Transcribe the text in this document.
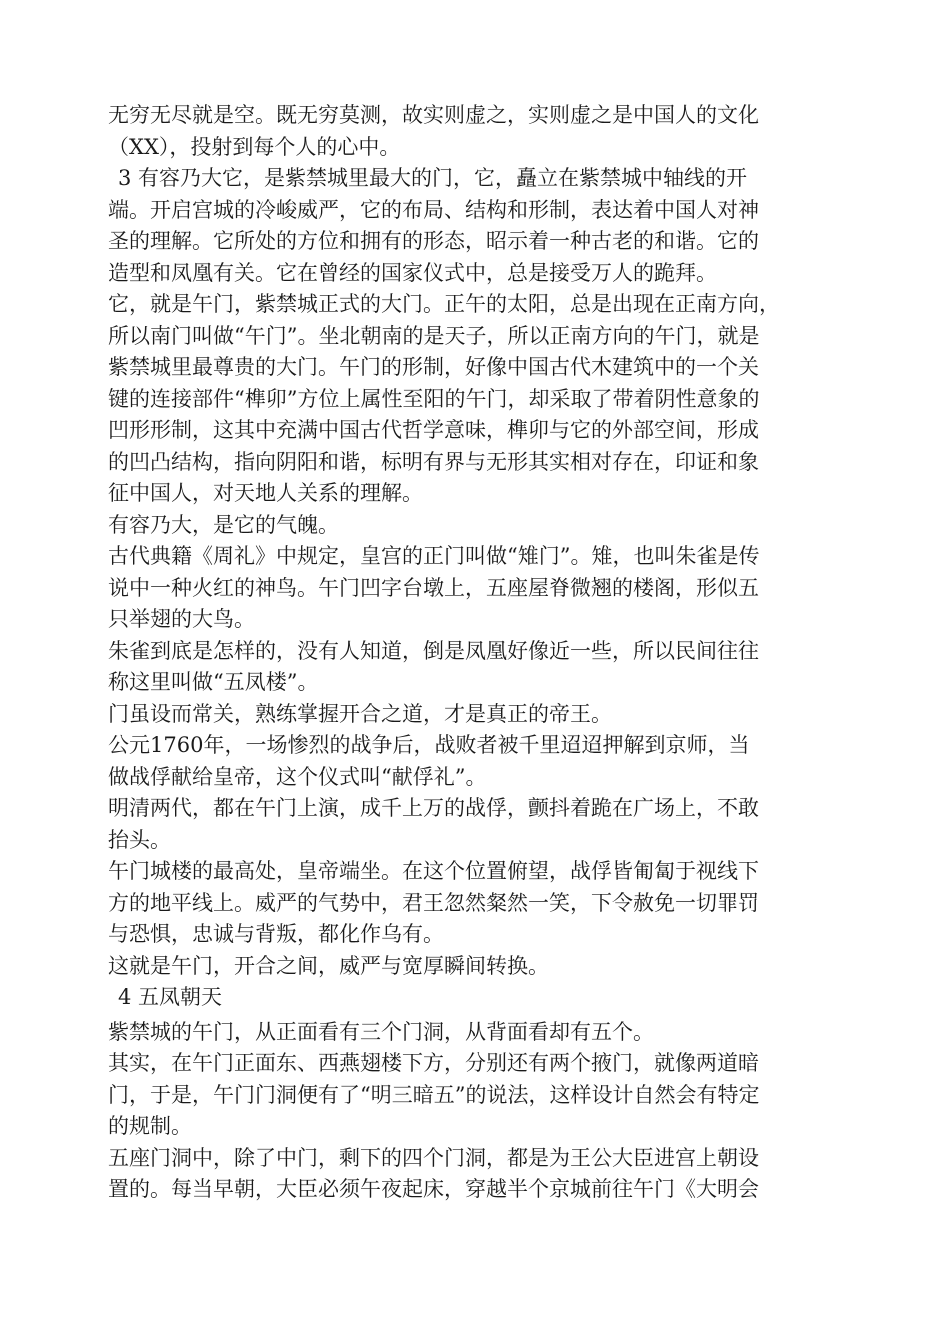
无穷无尽就是空。既无穷莫测，故实则虚之，实则虚之是中国人的文化
（XX），投射到每个人的心中。
3 有容乃大它，是紫禁城里最大的门，它，矗立在紫禁城中轴线的开
端。开启宫城的冷峻威严，它的布局、结构和形制，表达着中国人对神
圣的理解。它所处的方位和拥有的形态，昭示着一种古老的和谐。它的
造型和凤凰有关。它在曾经的国家仪式中，总是接受万人的跪拜。
它，就是午门，紫禁城正式的大门。正午的太阳，总是出现在正南方向，
所以南门叫做“午门”。坐北朝南的是天子，所以正南方向的午门，就是
紫禁城里最尊贵的大门。午门的形制，好像中国古代木建筑中的一个关
键的连接部件“榫卯”方位上属性至阳的午门，却采取了带着阴性意象的
凹形形制，这其中充满中国古代哲学意味，榫卯与它的外部空间，形成
的凹凸结构，指向阴阳和谐，标明有界与无形其实相对存在，印证和象
征中国人，对天地人关系的理解。
有容乃大，是它的气魄。
古代典籍《周礼》中规定，皇宫的正门叫做“雉门”。雉，也叫朱雀是传
说中一种火红的神鸟。午门凹字台墩上，五座屋脊微翘的楼阁，形似五
只举翅的大鸟。
朱雀到底是怎样的，没有人知道，倒是凤凰好像近一些，所以民间往往
称这里叫做“五凤楼”。
门虽设而常关，熟练掌握开合之道，才是真正的帝王。
公元1760年，一场惨烈的战争后，战败者被千里迢迢押解到京师，当
做战俘献给皇帝，这个仪式叫“献俘礼”。
明清两代，都在午门上演，成千上万的战俘，颤抖着跪在广场上，不敢
抬头。
午门城楼的最高处，皇帝端坐。在这个位置俯望，战俘皆匍匐于视线下
方的地平线上。威严的气势中，君王忽然粲然一笑，下令赦免一切罪罚
与恐惧，忠诚与背叛，都化作乌有。
这就是午门，开合之间，威严与宽厚瞬间转换。
4 五凤朝天
紫禁城的午门，从正面看有三个门洞，从背面看却有五个。
其实，在午门正面东、西燕翅楼下方，分别还有两个掖门，就像两道暗
门，于是，午门门洞便有了“明三暗五”的说法，这样设计自然会有特定
的规制。
五座门洞中，除了中门，剩下的四个门洞，都是为王公大臣进宫上朝设
置的。每当早朝，大臣必须午夜起床，穿越半个京城前往午门《大明会
